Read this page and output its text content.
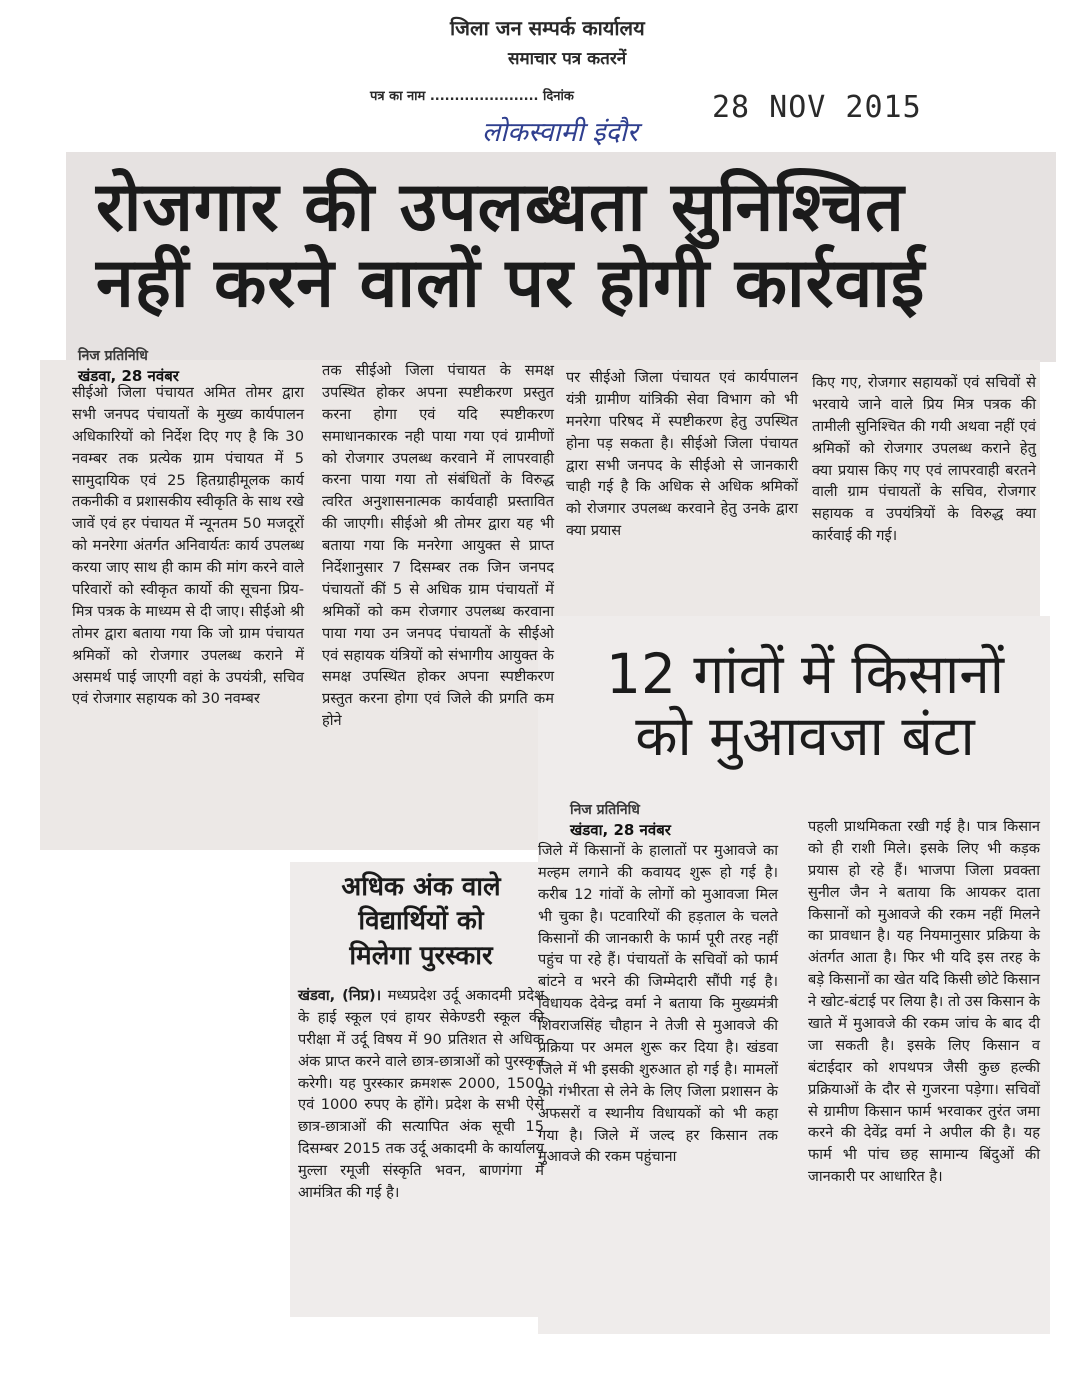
जिला जन सम्पर्क कार्यालय
समाचार पत्र कतरनें
पत्र का नाम ...................... दिनांक	28 NOV 2015
लोकस्वामी इंदौर
रोजगार की उपलब्धता सुनिश्चित
नहीं करने वालों पर होगी कार्रवाई
निज प्रतिनिधि
खंडवा, 28 नवंबर

सीईओ जिला पंचायत अमित तोमर द्वारा सभी जनपद पंचायतों के मुख्य कार्यपालन अधिकारियों को निर्देश दिए गए है कि 30 नवम्बर तक प्रत्येक ग्राम पंचायत में 5 सामुदायिक एवं 25 हितग्राहीमूलक कार्य तकनीकी व प्रशासकीय स्वीकृति के साथ रखे जावें एवं हर पंचायत में न्यूनतम 50 मजदूरों को मनरेगा अंतर्गत अनिवार्यतः कार्य उपलब्ध करया जाए साथ ही काम की मांग करने वाले परिवारों को स्वीकृत कार्यो की सूचना प्रिय-मित्र पत्रक के माध्यम से दी जाए। सीईओ श्री तोमर द्वारा बताया गया कि जो ग्राम पंचायत श्रमिकों को रोजगार उपलब्ध कराने में असमर्थ पाई जाएगी वहां के उपयंत्री, सचिव एवं रोजगार सहायक को 30 नवम्बर

तक सीईओ जिला पंचायत के समक्ष उपस्थित होकर अपना स्पष्टीकरण प्रस्तुत करना होगा एवं यदि स्पष्टीकरण समाधानकारक नही पाया गया एवं ग्रामीणों को रोजगार उपलब्ध करवाने में लापरवाही करना पाया गया तो संबंधितों के विरुद्ध त्वरित अनुशासनात्मक कार्यवाही प्रस्तावित की जाएगी। सीईओ श्री तोमर द्वारा यह भी बताया गया कि मनरेगा आयुक्त से प्राप्त निर्देशानुसार 7 दिसम्बर तक जिन जनपद पंचायतों कीं 5 से अधिक ग्राम पंचायतों में श्रमिकों को कम रोजगार उपलब्ध करवाना पाया गया उन जनपद पंचायतों के सीईओ एवं सहायक यंत्रियों को संभागीय आयुक्त के समक्ष उपस्थित होकर अपना स्पष्टीकरण प्रस्तुत करना होगा एवं जिले की प्रगति कम होने

पर सीईओ जिला पंचायत एवं कार्यपालन यंत्री ग्रामीण यांत्रिकी सेवा विभाग को भी मनरेगा परिषद में स्पष्टीकरण हेतु उपस्थित होना पड़ सकता है। सीईओ जिला पंचायत द्वारा सभी जनपद के सीईओ से जानकारी चाही गई है कि अधिक से अधिक श्रमिकों को रोजगार उपलब्ध करवाने हेतु उनके द्वारा क्या प्रयास

किए गए, रोजगार सहायकों एवं सचिवों से भरवाये जाने वाले प्रिय मित्र पत्रक की तामीली सुनिश्चित की गयी अथवा नहीं एवं श्रमिकों को रोजगार उपलब्ध कराने हेतु क्या प्रयास किए गए एवं लापरवाही बरतने वाली ग्राम पंचायतों के सचिव, रोजगार सहायक व उपयंत्रियों के विरुद्ध क्या कार्रवाई की गई।

12 गांवों में किसानों
को मुआवजा बंटा
निज प्रतिनिधि
खंडवा, 28 नवंबर

जिले में किसानों के हालातों पर मुआवजे का मल्हम लगाने की कवायद शुरू हो गई है। करीब 12 गांवों के लोगों को मुआवजा मिल भी चुका है। पटवारियों की हड़ताल के चलते किसानों की जानकारी के फार्म पूरी तरह नहीं पहुंच पा रहे हैं। पंचायतों के सचिवों को फार्म बांटने व भरने की जिम्मेदारी सौंपी गई है। विधायक देवेन्द्र वर्मा ने बताया कि मुख्यमंत्री शिवराजसिंह चौहान ने तेजी से मुआवजे की प्रक्रिया पर अमल शुरू कर दिया है। खंडवा जिले में भी इसकी शुरुआत हो गई है। मामलों को गंभीरता से लेने के लिए जिला प्रशासन के अफसरों व स्थानीय विधायकों को भी कहा गया है। जिले में जल्द हर किसान तक मुआवजे की रकम पहुंचाना

पहली प्राथमिकता रखी गई है। पात्र किसान को ही राशी मिले। इसके लिए भी कड़क प्रयास हो रहे हैं। भाजपा जिला प्रवक्ता सुनील जैन ने बताया कि आयकर दाता किसानों को मुआवजे की रकम नहीं मिलने का प्रावधान है। यह नियमानुसार प्रक्रिया के अंतर्गत आता है। फिर भी यदि इस तरह के बड़े किसानों का खेत यदि किसी छोटे किसान ने खोट-बंटाई पर लिया है। तो उस किसान के खाते में मुआवजे की रकम जांच के बाद दी जा सकती है। इसके लिए किसान व बंटाईदार को शपथपत्र जैसी कुछ हल्की प्रक्रियाओं के दौर से गुजरना पड़ेगा। सचिवों से ग्रामीण किसान फार्म भरवाकर तुरंत जमा करने की देवेंद्र वर्मा ने अपील की है। यह फार्म भी पांच छह सामान्य बिंदुओं की जानकारी पर आधारित है।

अधिक अंक वाले
विद्यार्थियों को
मिलेगा पुरस्कार

खंडवा, (निप्र)। मध्यप्रदेश उर्दू अकादमी प्रदेश के हाई स्कूल एवं हायर सेकेण्डरी स्कूल की परीक्षा में उर्दू विषय में 90 प्रतिशत से अधिक अंक प्राप्त करने वाले छात्र-छात्राओं को पुरस्कृत करेगी। यह पुरस्कार क्रमशरू 2000, 1500 एवं 1000 रुपए के होंगे। प्रदेश के सभी ऐसे छात्र-छात्राओं की सत्यापित अंक सूची 15 दिसम्बर 2015 तक उर्दू अकादमी के कार्यालय मुल्ला रमूजी संस्कृति भवन, बाणगंगा में आमंत्रित की गई है।
